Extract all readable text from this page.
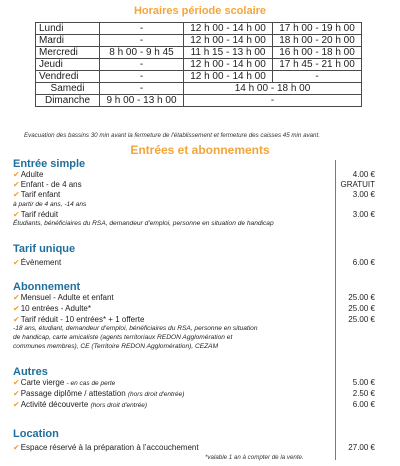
Horaires période scolaire
Lundi	-	12 h 00 - 14 h 00	17 h 00 - 19 h 00
Mardi	-	12 h 00 - 14 h 00	18 h 00 - 20 h 00
Mercredi	8 h 00 - 9 h 45	11 h 15 - 13 h 00	16 h 00 - 18 h 00
Jeudi	-	12 h 00 - 14 h 00	17 h 45 - 21 h 00
Vendredi	-	12 h 00 - 14 h 00	-
Samedi	-	14 h 00 - 18 h 00	
Dimanche	9 h 00 - 13 h 00	-	
Evacuation des bassins 30 min avant la fermeture de l'établissement et fermeture des caisses 45 min avant.
Entrées et abonnements
Entrée simple
✔Adulte	4.00 €
✔Enfant - de 4 ans	GRATUIT
✔Tarif enfant	3.00 €
à partir de 4 ans, -14 ans
✔Tarif réduit	3.00 €
Étudiants, bénéficiaires du RSA, demandeur d’emploi, personne en situation de handicap
Tarif unique
✔Évènement	6.00 €
Abonnement
✔Mensuel - Adulte et enfant	25.00 €
✔10 entrées - Adulte*	25.00 €
✔Tarif réduit - 10 entrées* + 1 offerte	25.00 €
-18 ans, étudiant, demandeur d’emploi, bénéficiaires du RSA, personne en situation
de handicap, carte amicaliste (agents territoriaux REDON Agglomération et
communes membres), CE (Territoire REDON Agglomération), CEZAM
Autres
✔Carte vierge - en cas de perte	5.00 €
✔Passage diplôme / attestation (hors droit d'entrée)	2.50 €
✔Activité découverte (hors droit d'entrée)	6.00 €
Location
✔Espace réservé à la préparation à l’accouchement	27.00 €
*valable 1 an à compter de la vente.
